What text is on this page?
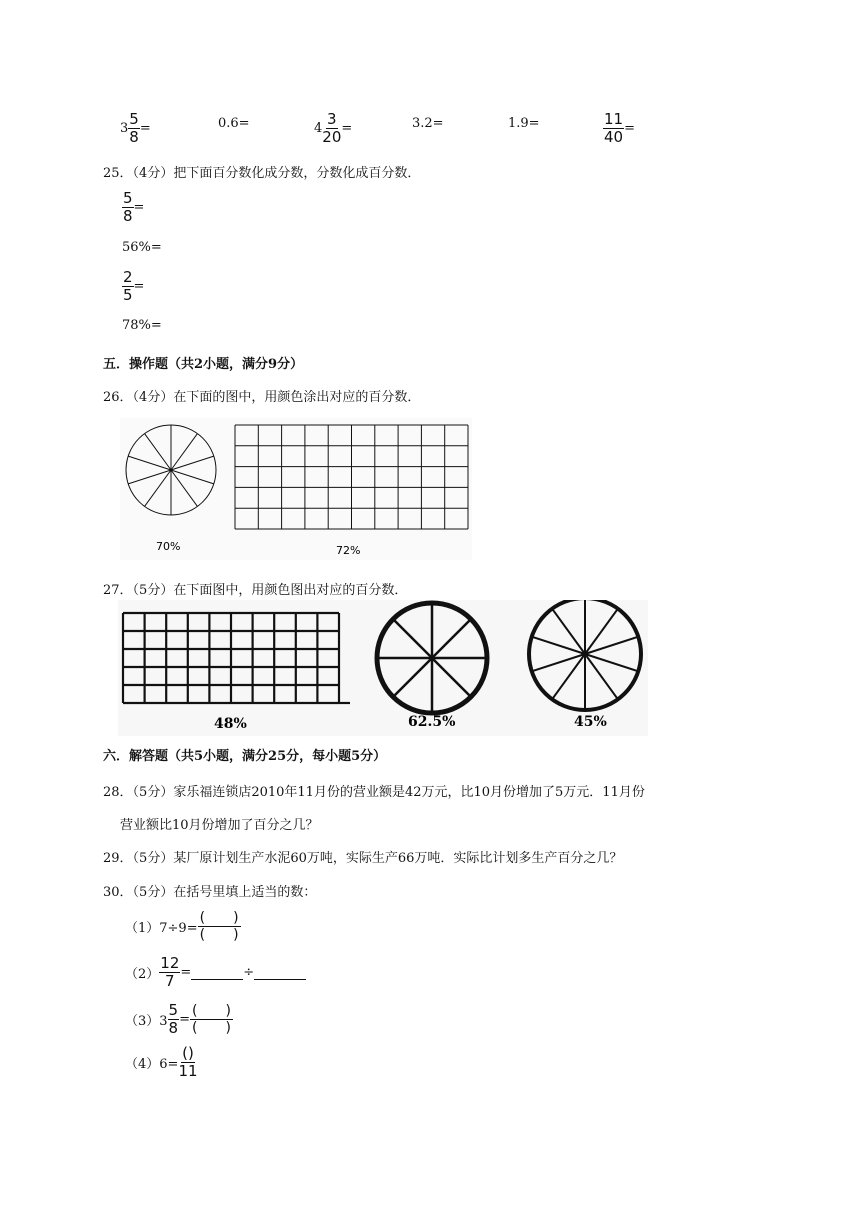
$3 \frac{5}{8}$ =	0.6=	$4 \frac{3}{20}$ =	3.2=	1.9=	$\frac{11}{40}$ =
25．（4分）把下面百分数化成分数，分数化成百分数．
$\frac{5}{8}$ =
56%=
$\frac{2}{5}$ =
78%=
五．操作题（共2小题，满分9分）
26．（4分）在下面的图中，用颜色涂出对应的百分数．
70%	72%
27．（5分）在下面图中，用颜色图出对应的百分数．
48%	62.5%	45%
六．解答题（共5小题，满分25分，每小题5分）
28．（5分）家乐福连锁店2010年11月份的营业额是42万元，比10月份增加了5万元．11月份
营业额比10月份增加了百分之几？
29．（5分）某厂原计划生产水泥60万吨，实际生产66万吨．实际比计划多生产百分之几？
30．（5分）在括号里填上适当的数：
（1）7÷9=
(　　)
(　　)
$(2) \frac{12}{7}$ =	÷
$(3)3 \frac{5}{8}$ =
(　　)
(　　)
$(4)6= \frac{()}{11}$
